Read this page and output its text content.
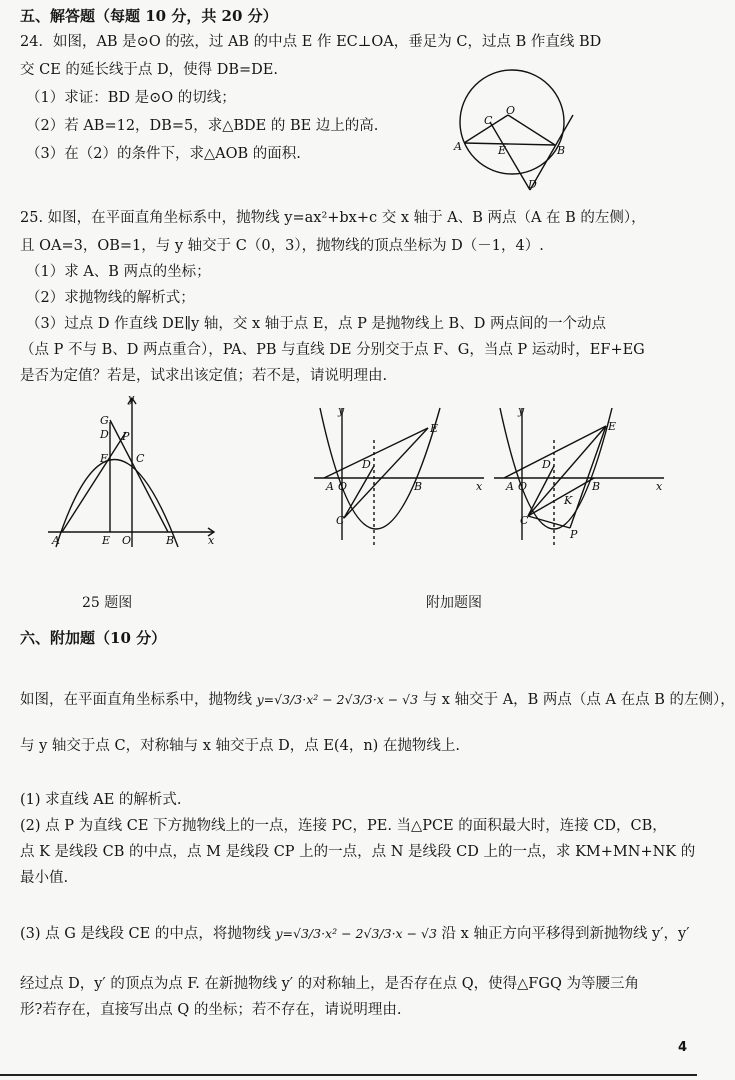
五、解答题（每题 10 分，共 20 分）
24．如图，AB 是⊙O 的弦，过 AB 的中点 E 作 EC⊥OA，垂足为 C，过点 B 作直线 BD
交 CE 的延长线于点 D，使得 DB=DE.
（1）求证：BD 是⊙O 的切线；
（2）若 AB=12，DB=5，求△BDE 的 BE 边上的高.
（3）在（2）的条件下，求△AOB 的面积.
O
C
A	E	B
D
25. 如图，在平面直角坐标系中，抛物线 y=ax²+bx+c 交 x 轴于 A、B 两点（A 在 B 的左侧），
且 OA=3，OB=1，与 y 轴交于 C（0，3），抛物线的顶点坐标为 D（－1，4）.
（1）求 A、B 两点的坐标；
（2）求抛物线的解析式；
（3）过点 D 作直线 DE∥y 轴，交 x 轴于点 E，点 P 是抛物线上 B、D 两点间的一个动点
（点 P 不与 B、D 两点重合），PA、PB 与直线 DE 分别交于点 F、G，当点 P 运动时，EF+EG
是否为定值？若是，试求出该定值；若不是，请说明理由.
y
G
D P
F	C
A	E O	B	x
y
D
E
A O	B	x
C
y
D
E
A O	B	x
C
K
P
25 题图	附加题图
六、附加题（10 分）
如图，在平面直角坐标系中，抛物线 y=√3/3·x² − 2√3/3·x − √3 与 x 轴交于 A，B 两点（点 A 在点 B 的左侧），
与 y 轴交于点 C，对称轴与 x 轴交于点 D，点 E(4，n) 在抛物线上.
(1) 求直线 AE 的解析式.
(2) 点 P 为直线 CE 下方抛物线上的一点，连接 PC，PE. 当△PCE 的面积最大时，连接 CD，CB，
点 K 是线段 CB 的中点，点 M 是线段 CP 上的一点，点 N 是线段 CD 上的一点，求 KM+MN+NK 的
最小值.
(3) 点 G 是线段 CE 的中点，将抛物线 y=√3/3·x² − 2√3/3·x − √3 沿 x 轴正方向平移得到新抛物线 y′，y′
经过点 D，y′ 的顶点为点 F. 在新抛物线 y′ 的对称轴上，是否存在点 Q，使得△FGQ 为等腰三角
形?若存在，直接写出点 Q 的坐标；若不存在，请说明理由.
4
